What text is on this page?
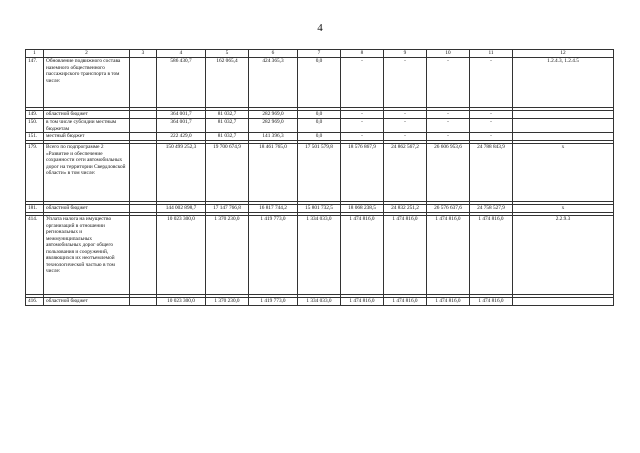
4
1	2	3	4	5	6	7	8	9	10	11	12
147.	Обновление подвижного состава наземного общественного пассажирского транспорта в том числе:		586 430,7	162 065,4	424 365,3	0,0	-	-	-	-	1.2.4.3, 1.2.4.5

149.	областной бюджет		364 001,7	81 032,7	282 969,0	0,0	-	-	-	-	
150.	в том числе субсидии местным бюджетам		364 001,7	81 032,7	282 969,0	0,0	-	-	-	-	
151.	местный бюджет		222 429,0	81 032,7	141 396,3	0,0	-	-	-	-	

179.	Всего по подпрограмме 2 «Развитие и обеспечение сохранности сети автомобильных дорог на территории Свердловской области» в том числе:		150 499 252,3	19 700 674,9	18 461 765,0	17 501 579,8	18 576 867,9	24 862 567,2	26 606 953,6	24 788 843,9	х

181.	областной бюджет		144 002 898,7	17 147 766,8	16 817 744,2	15 801 732,5	18 068 238,5	24 832 251,2	26 576 637,6	24 758 527,9	х

414.	Уплата налога на имущество организаций в отношении региональных и межмуниципальных автомобильных дорог общего пользования и сооружений, являющихся их неотъемлемой технологической частью в том числе:		10 023 300,0	1 370 230,0	1 419 773,0	1 334 033,0	1 474 816,0	1 474 816,0	1 474 816,0	1 474 816,0	2.2.9.3

416.	областной бюджет		10 023 300,0	1 370 230,0	1 419 773,0	1 334 033,0	1 474 816,0	1 474 816,0	1 474 816,0	1 474 816,0	
